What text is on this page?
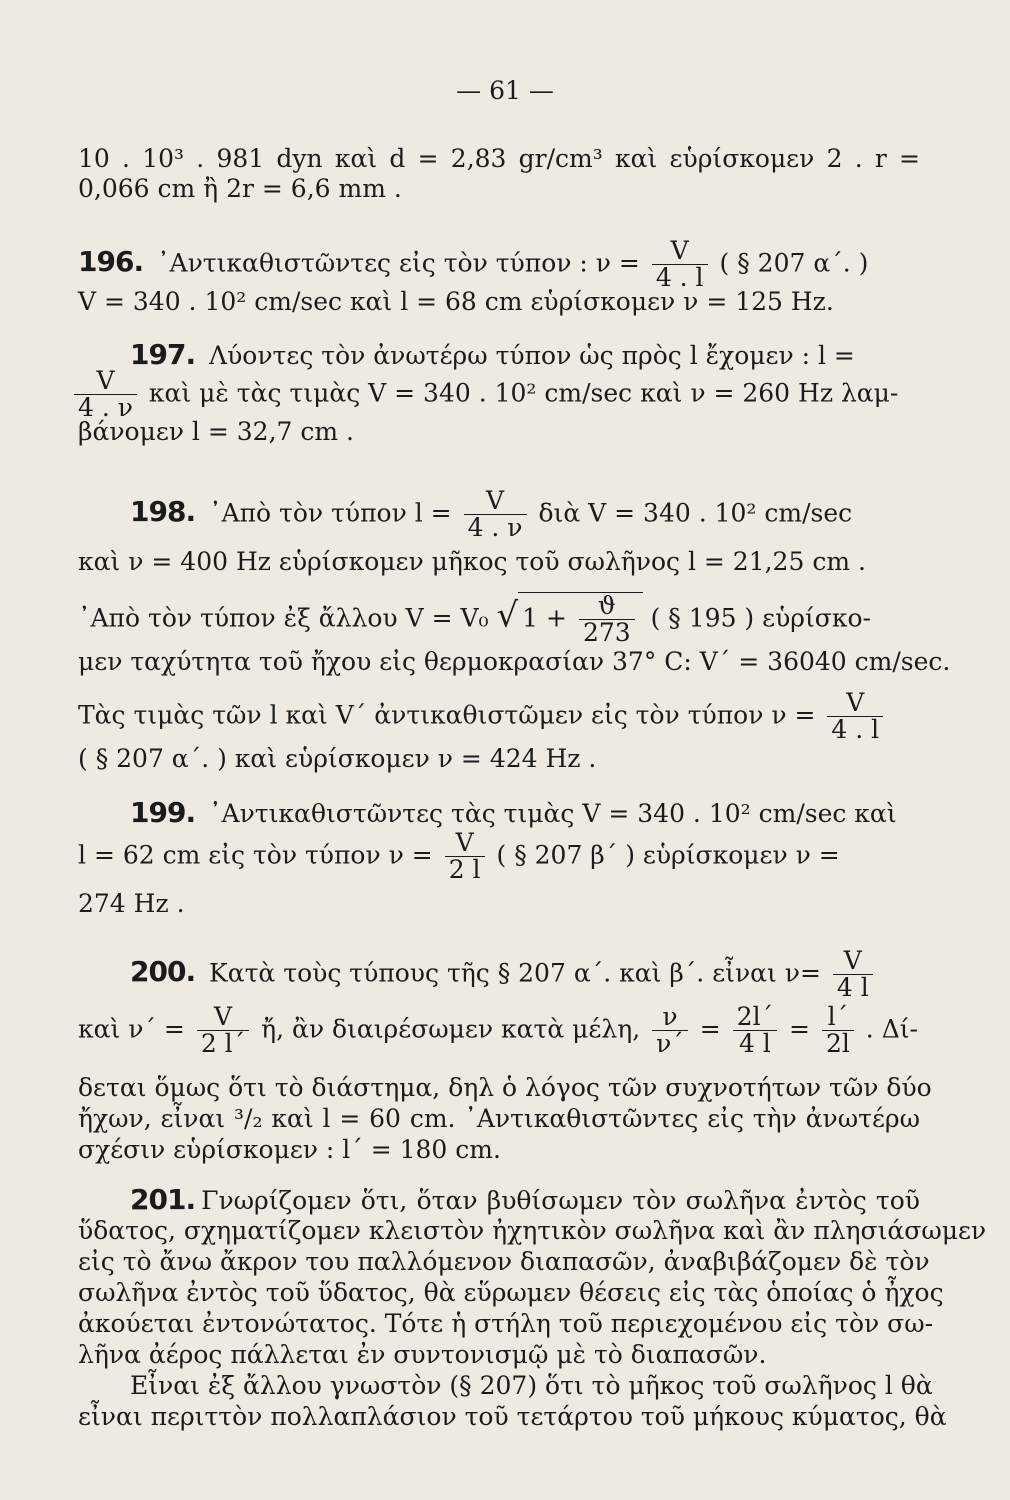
— 61 —
10 . 10³ . 981 dyn καὶ d = 2,83 gr/cm³ καὶ εὑρίσκομεν 2 . r =
0,066 cm ἢ 2r = 6,6 mm .
196. ᾿Αντικαθιστῶντες εἰς τὸν τύπον : $\nu = \frac{V}{4 . l}$ ( § 207 α΄. )
V = 340 . 10² cm/sec καὶ l = 68 cm εὑρίσκομεν ν = 125 Hz.
197. Λύοντες τὸν ἀνωτέρω τύπον ὡς πρὸς l ἔχομεν : l =
$\frac{V}{4 . \nu}$ καὶ μὲ τὰς τιμὰς V = 340 . 10² cm/sec καὶ ν = 260 Hz λαμ-
βάνομεν l = 32,7 cm .
198. ᾿Απὸ τὸν τύπον $l = \frac{V}{4 . \nu}$ διὰ V = 340 . 10² cm/sec
καὶ ν = 400 Hz εὑρίσκομεν μῆκος τοῦ σωλῆνος l = 21,25 cm .
᾿Απὸ τὸν τύπον ἐξ ἄλλου V = V₀ √ $1 + \frac{ϑ}{273}$ ( § 195 ) εὑρίσκο-
μεν ταχύτητα τοῦ ἤχου εἰς θερμοκρασίαν 37° C: V΄ = 36040 cm/sec.
Τὰς τιμὰς τῶν l καὶ V΄ ἀντικαθιστῶμεν εἰς τὸν τύπον $\nu = \frac{V}{4 . l}$
( § 207 α΄. ) καὶ εὑρίσκομεν ν = 424 Hz .
199. ᾿Αντικαθιστῶντες τὰς τιμὰς V = 340 . 10² cm/sec καὶ
l = 62 cm εἰς τὸν τύπον $\nu = \frac{V}{2 l}$ ( § 207 β΄ ) εὑρίσκομεν ν =
274 Hz .
200. Κατὰ τοὺς τύπους τῆς § 207 α΄. καὶ β΄. εἶναι $\nu= \frac{V}{4 l}$
καὶ $\nu΄ = \frac{V}{2 l΄}$ ἤ, ἂν διαιρέσωμεν κατὰ μέλη, $\frac{\nu}{\nu΄} = \frac{2l΄}{4 l} = \frac{l΄}{2l}$ . Δί-
δεται ὅμως ὅτι τὸ διάστημα, δηλ ὁ λόγος τῶν συχνοτήτων τῶν δύο
ἤχων, εἶναι ³/₂ καὶ l = 60 cm. ᾿Αντικαθιστῶντες εἰς τὴν ἀνωτέρω
σχέσιν εὑρίσκομεν : l΄ = 180 cm.
201. Γνωρίζομεν ὅτι, ὅταν βυθίσωμεν τὸν σωλῆνα ἐντὸς τοῦ
ὕδατος, σχηματίζομεν κλειστὸν ἠχητικὸν σωλῆνα καὶ ἂν πλησιάσωμεν
εἰς τὸ ἄνω ἄκρον του παλλόμενον διαπασῶν, ἀναβιβάζομεν δὲ τὸν
σωλῆνα ἐντὸς τοῦ ὕδατος, θὰ εὕρωμεν θέσεις εἰς τὰς ὁποίας ὁ ἦχος
ἀκούεται ἐντονώτατος. Τότε ἡ στήλη τοῦ περιεχομένου εἰς τὸν σω-
λῆνα ἀέρος πάλλεται ἐν συντονισμῷ μὲ τὸ διαπασῶν.
Εἶναι ἐξ ἄλλου γνωστὸν (§ 207) ὅτι τὸ μῆκος τοῦ σωλῆνος l θὰ
εἶναι περιττὸν πολλαπλάσιον τοῦ τετάρτου τοῦ μήκους κύματος, θὰ
